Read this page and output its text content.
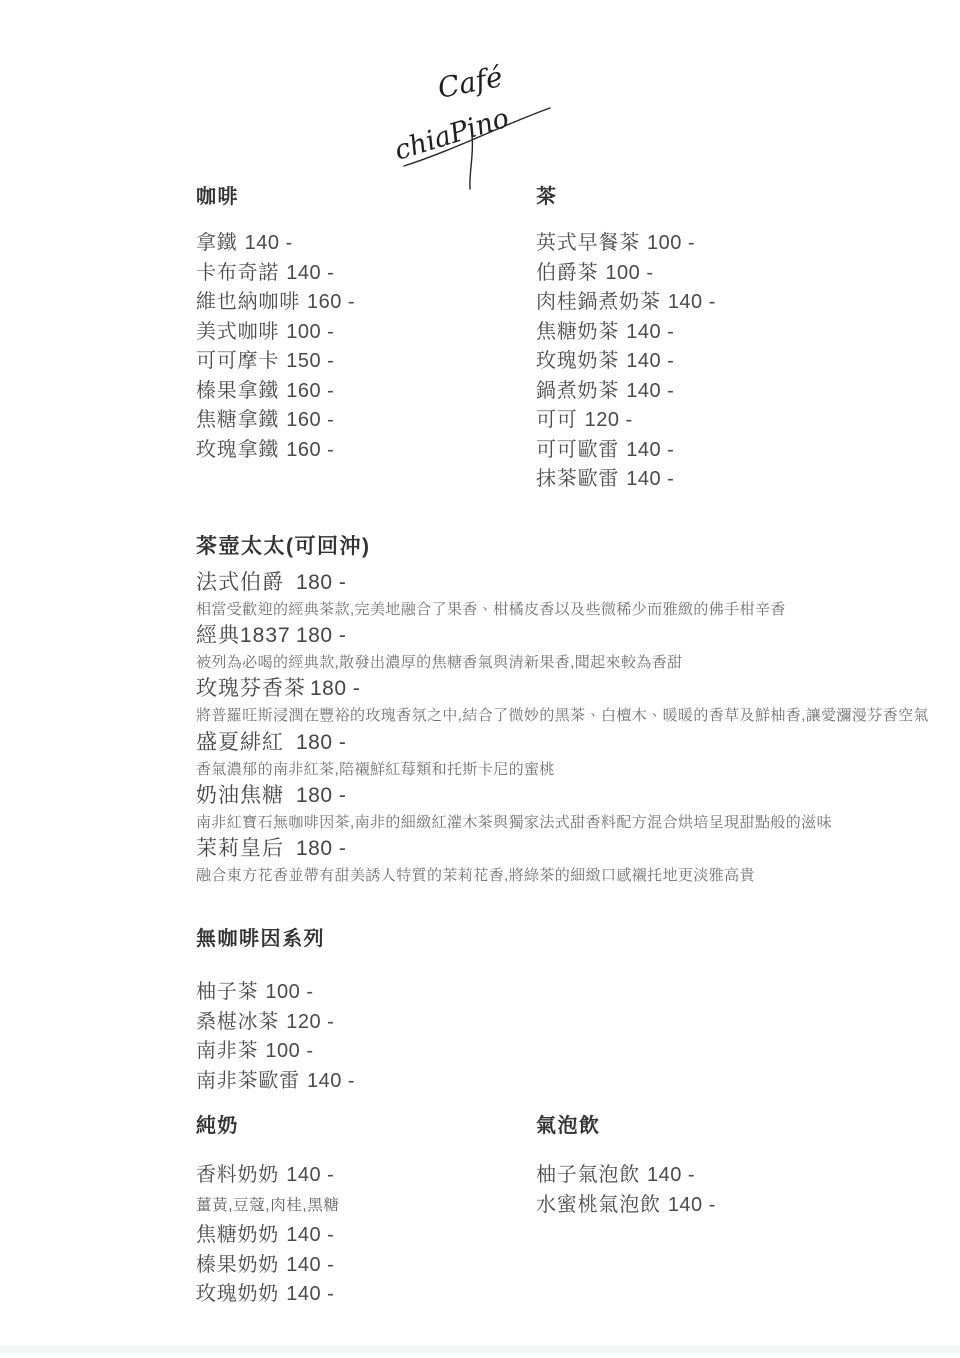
Café
chiaPino
咖啡
拿鐵 140 -
卡布奇諾 140 -
維也納咖啡 160 -
美式咖啡 100 -
可可摩卡 150 -
榛果拿鐵 160 -
焦糖拿鐵 160 -
玫瑰拿鐵 160 -
茶
英式早餐茶 100 -
伯爵茶 100 -
肉桂鍋煮奶茶 140 -
焦糖奶茶 140 -
玫瑰奶茶 140 -
鍋煮奶茶 140 -
可可 120 -
可可歐雷 140 -
抹茶歐雷 140 -
茶壺太太(可回沖)
法式伯爵 180 -
相當受歡迎的經典茶款,完美地融合了果香、柑橘皮香以及些微稀少而雅緻的佛手柑辛香
經典1837 180 -
被列為必喝的經典款,散發出濃厚的焦糖香氣與清新果香,聞起來較為香甜
玫瑰芬香茶 180 -
將普羅旺斯浸潤在豐裕的玫瑰香氛之中,結合了微妙的黑茶、白檀木、暖暖的香草及鮮柚香,讓愛瀰漫芬香空氣
盛夏緋紅 180 -
香氣濃郁的南非紅茶,陪襯鮮紅莓類和托斯卡尼的蜜桃
奶油焦糖 180 -
南非紅寶石無咖啡因茶,南非的細緻紅灌木茶與獨家法式甜香料配方混合烘培呈現甜點般的滋味
茉莉皇后 180 -
融合東方花香並帶有甜美誘人特質的茉莉花香,將綠茶的細緻口感襯托地更淡雅高貴
無咖啡因系列
柚子茶 100 -
桑椹冰茶 120 -
南非茶 100 -
南非茶歐雷 140 -
純奶
香料奶奶 140 -
薑黃,豆蔻,肉桂,黑糖
焦糖奶奶 140 -
榛果奶奶 140 -
玫瑰奶奶 140 -
氣泡飲
柚子氣泡飲 140 -
水蜜桃氣泡飲 140 -
